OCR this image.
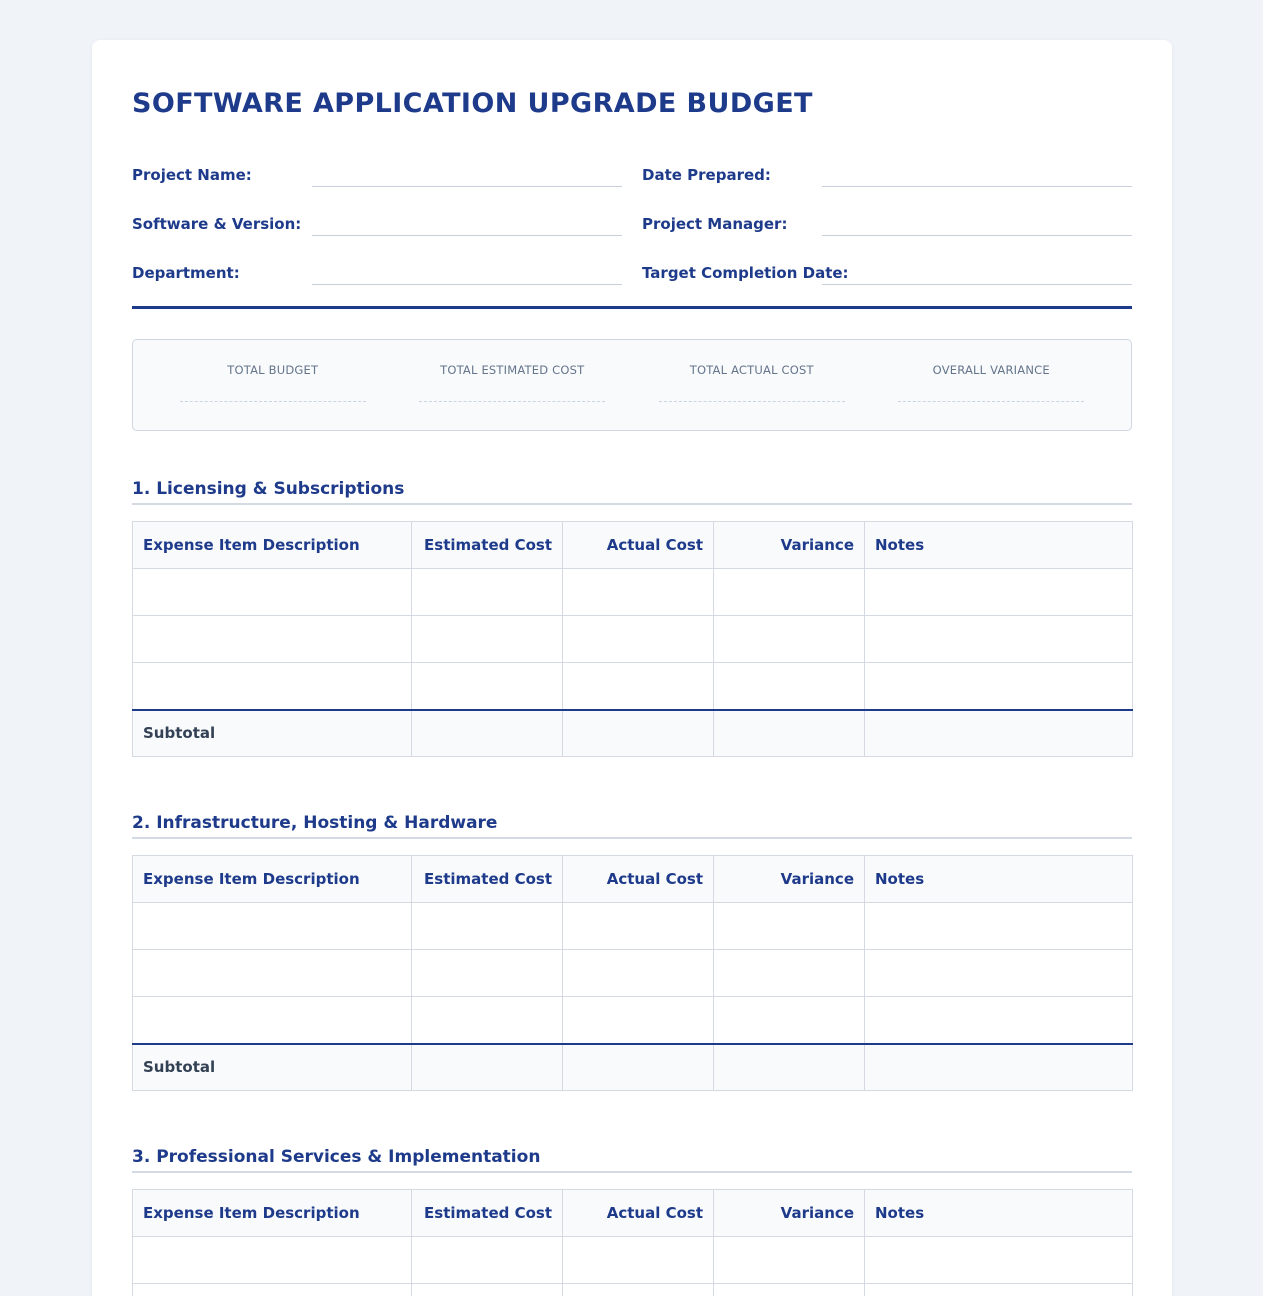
SOFTWARE APPLICATION UPGRADE BUDGET
Project Name:	Date Prepared:
Software & Version:	Project Manager:
Department:	Target Completion Date:
TOTAL BUDGET	TOTAL ESTIMATED COST	TOTAL ACTUAL COST	OVERALL VARIANCE
1. Licensing & Subscriptions
Expense Item Description	Estimated Cost	Actual Cost	Variance	Notes

Subtotal				
2. Infrastructure, Hosting & Hardware
Expense Item Description	Estimated Cost	Actual Cost	Variance	Notes

Subtotal				
3. Professional Services & Implementation
Expense Item Description	Estimated Cost	Actual Cost	Variance	Notes
